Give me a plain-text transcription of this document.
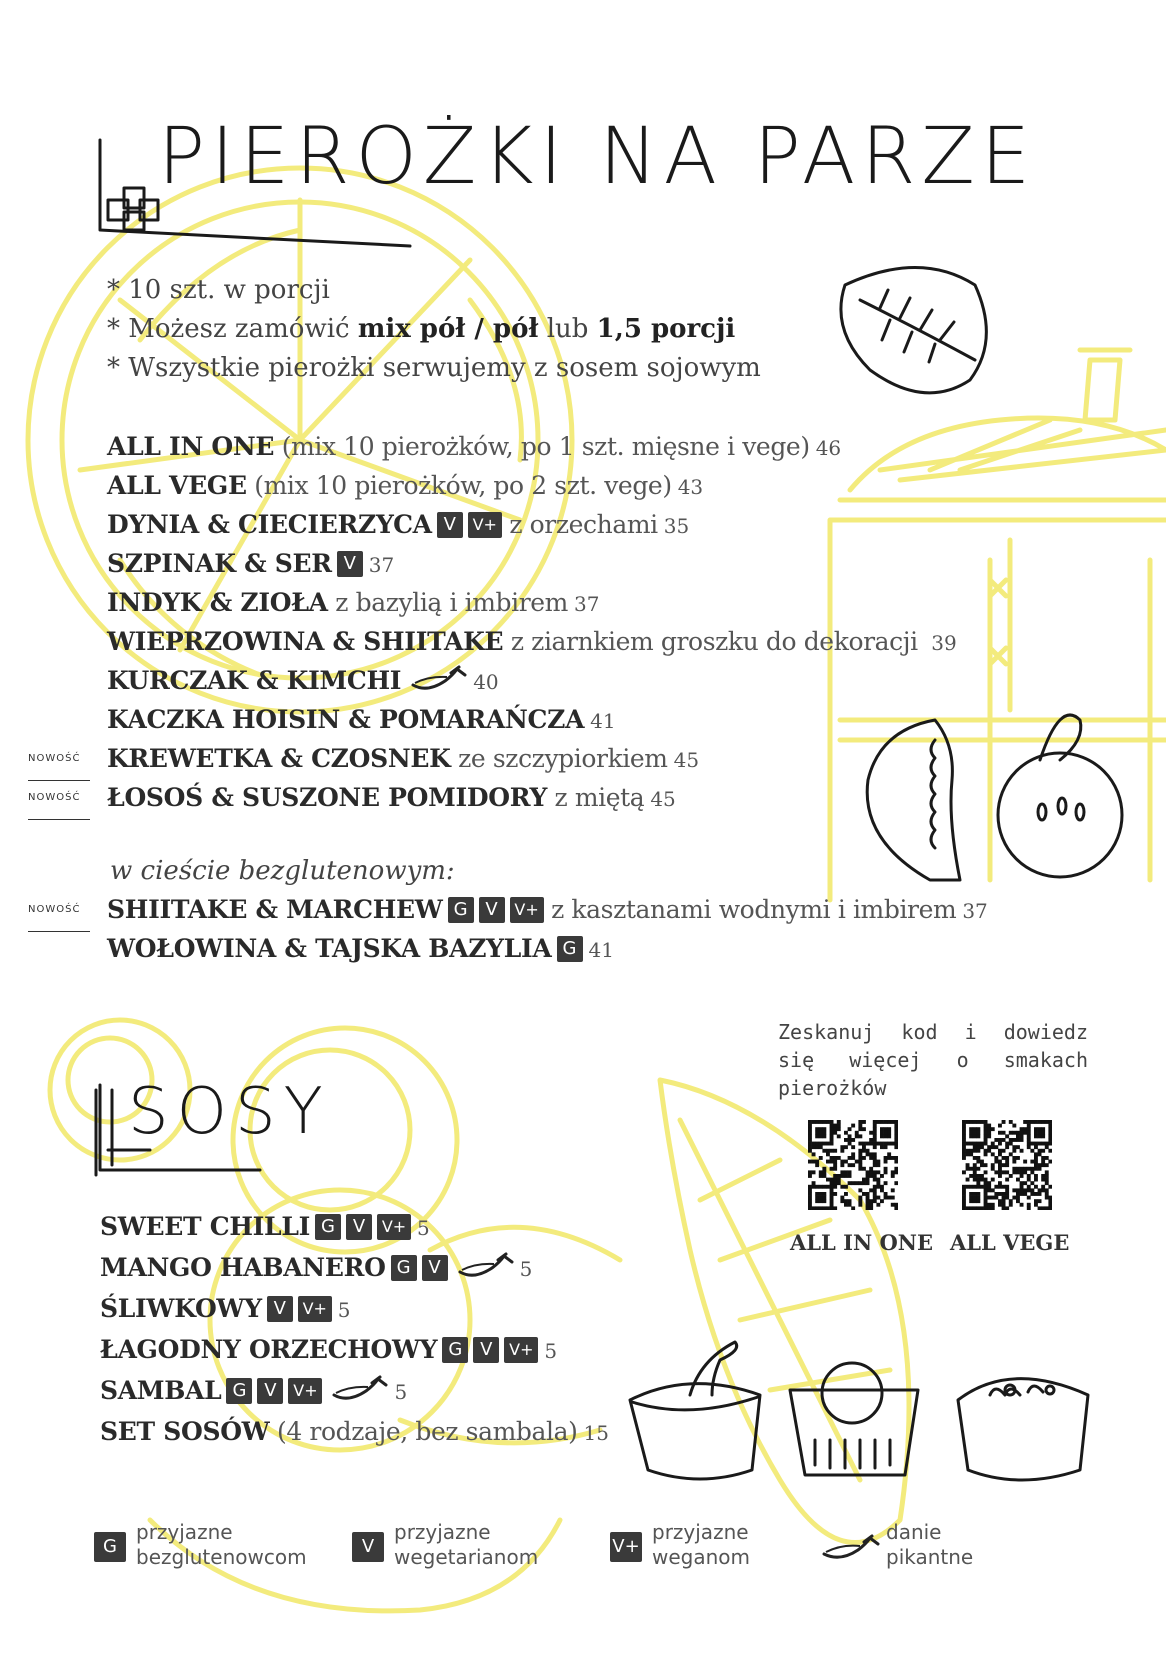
PIEROŻKI NA PARZE
* 10 szt. w porcji
* Możesz zamówić mix pół / pół lub 1,5 porcji
* Wszystkie pierożki serwujemy z sosem sojowym
ALL IN ONE (mix 10 pierożków, po 1 szt. mięsne i vege) 46
ALL VEGE (mix 10 pierożków, po 2 szt. vege) 43
DYNIA & CIECIERZYCA V V+ z orzechami 35
SZPINAK & SER V 37
INDYK & ZIOŁA z bazylią i imbirem 37
WIEPRZOWINA & SHIITAKE z ziarnkiem groszku do dekoracji 39
KURCZAK & KIMCHI	40
KACZKA HOISIN & POMARAŃCZA 41
NOWOŚĆ	KREWETKA & CZOSNEK ze szczypiorkiem 45
NOWOŚĆ	ŁOSOŚ & SUSZONE POMIDORY z miętą 45
w cieście bezglutenowym:
NOWOŚĆ	SHIITAKE & MARCHEW G V V+ z kasztanami wodnymi i imbirem 37
WOŁOWINA & TAJSKA BAZYLIA G 41
SOSY
SWEET CHILLI G V V+ 5
MANGO HABANERO G V	5
ŚLIWKOWY V V+ 5
ŁAGODNY ORZECHOWY G V V+ 5
SAMBAL G V V+	5
SET SOSÓW (4 rodzaje, bez sambala) 15
Zeskanuj kod i dowiedz się więcej o smakach pierożków
ALL IN ONE ALL VEGE
G
przyjazne
bezglutenowcom	V
przyjazne
wegetarianom	V+
przyjazne
weganom
danie
pikantne
